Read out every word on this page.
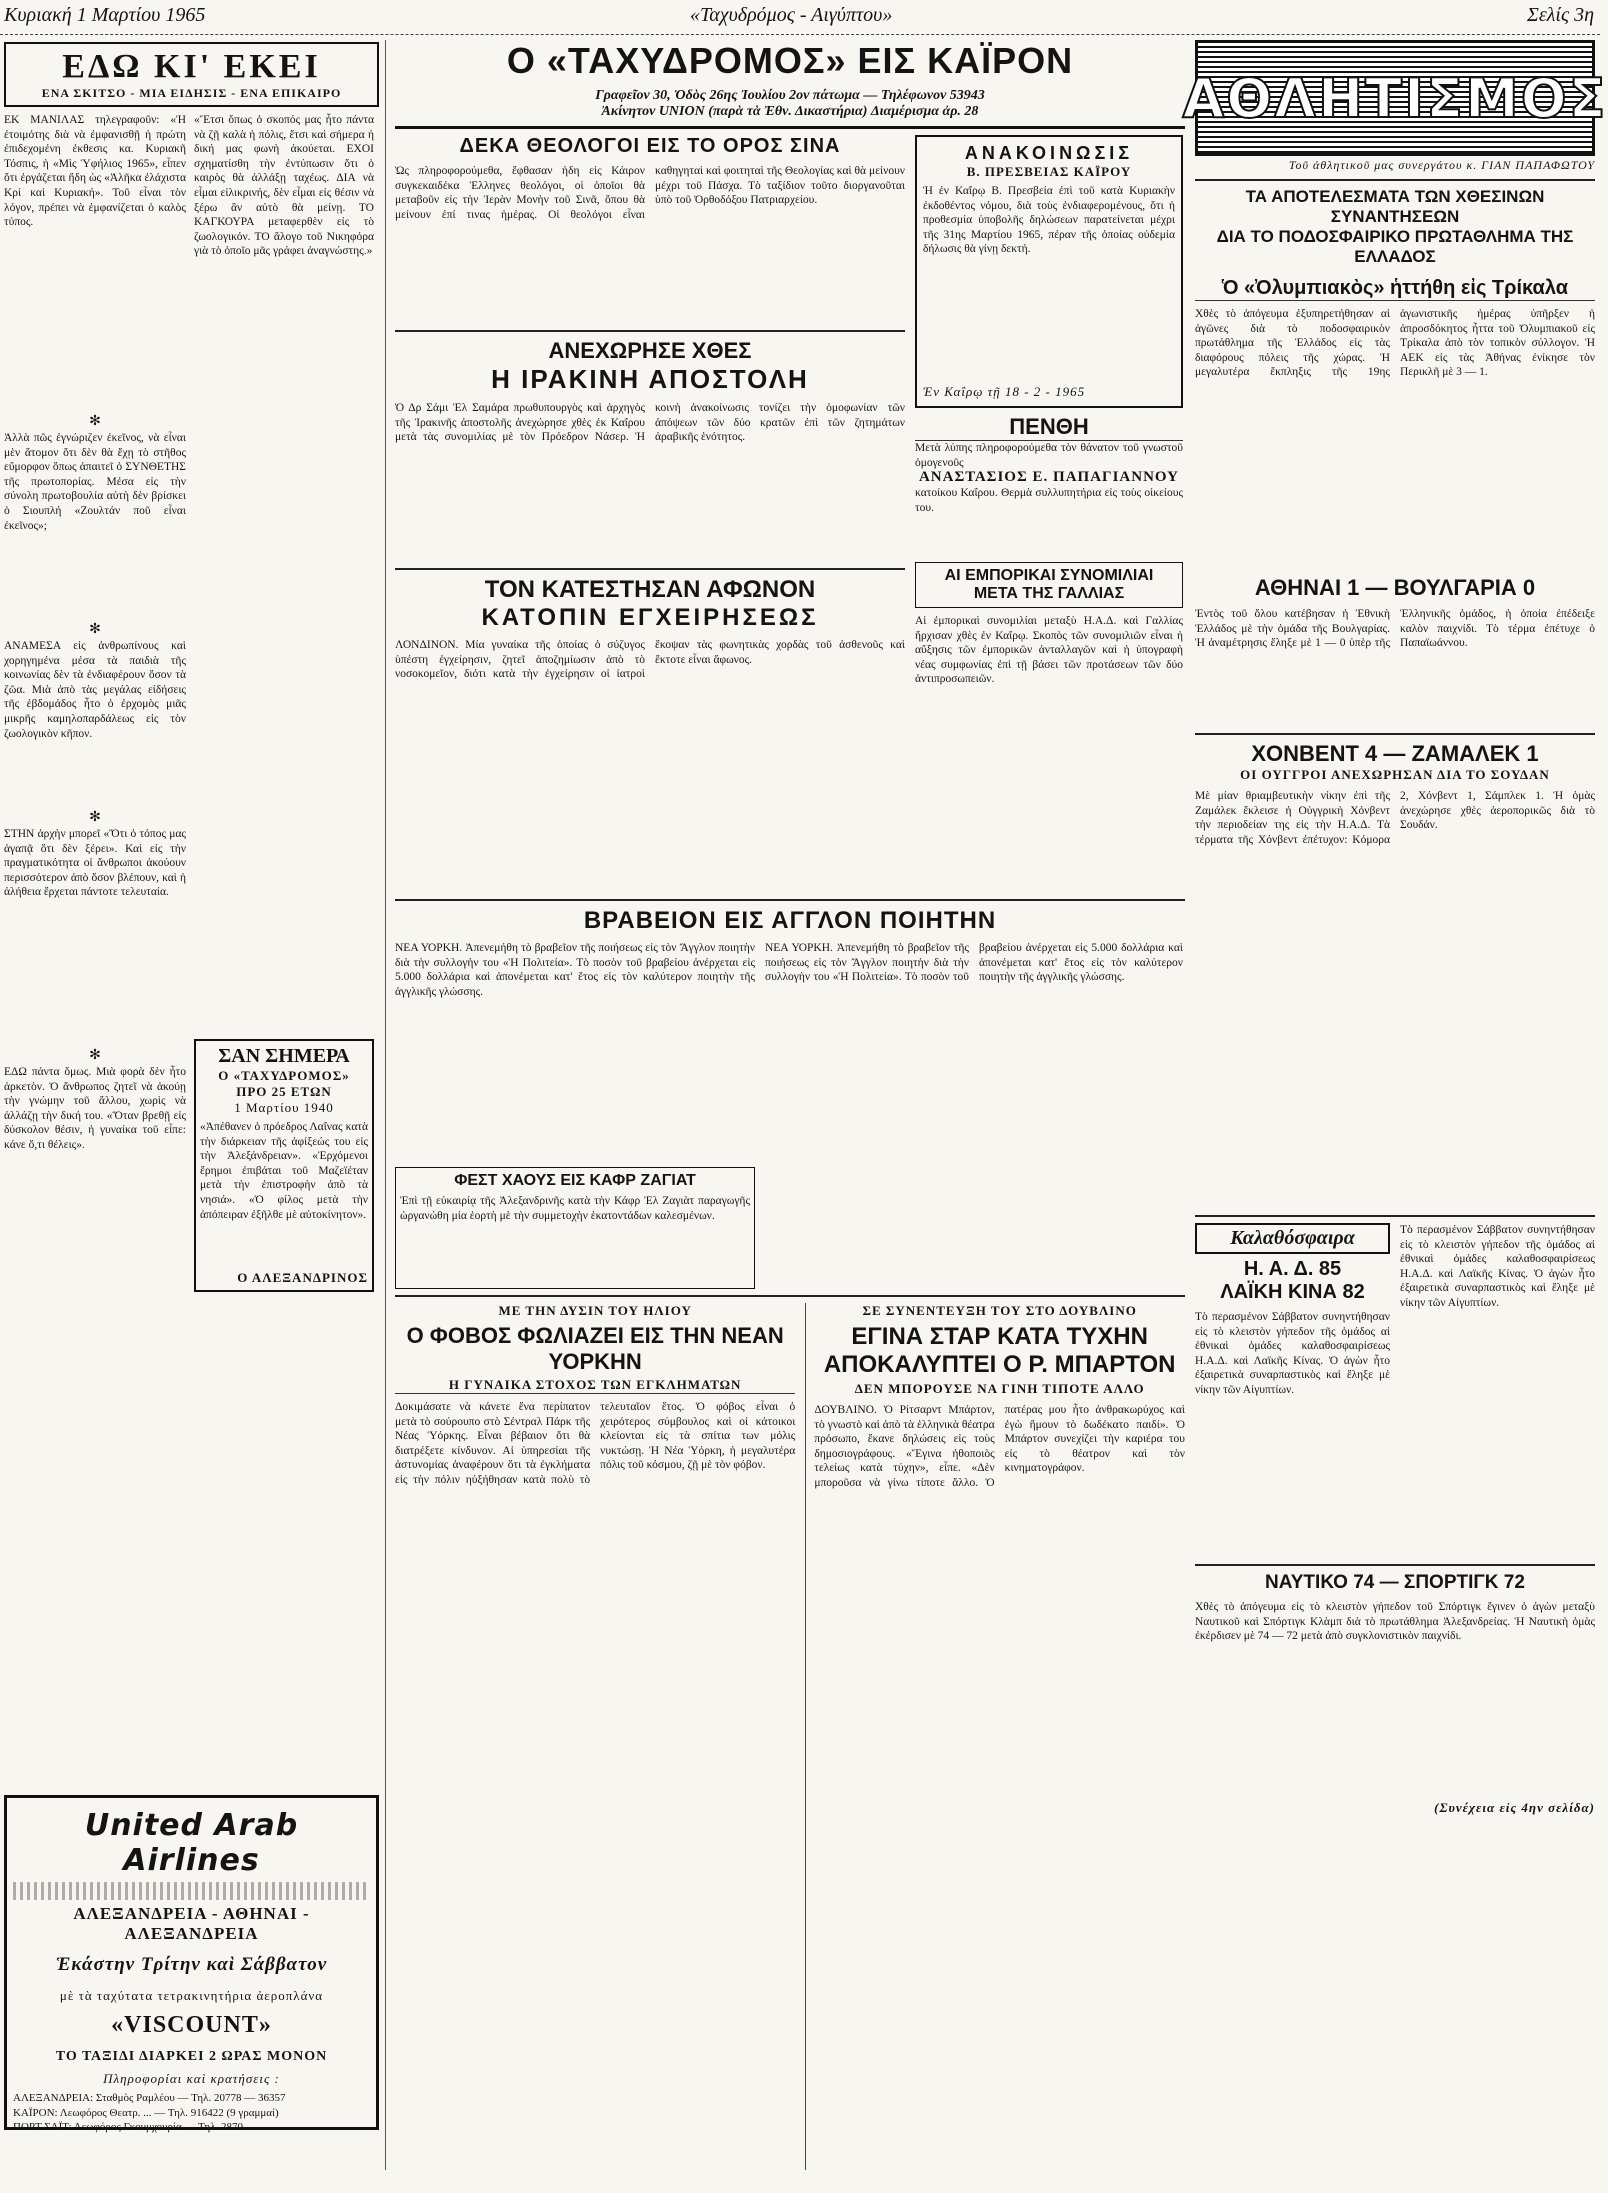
Κυριακή 1 Μαρτίου 1965	«Ταχυδρόμος - Αιγύπτου»	Σελίς 3η
ΕΔΩ ΚΙ' ΕΚΕΙ
ΕΝΑ ΣΚΙΤΣΟ - ΜΙΑ ΕΙΔΗΣΙΣ - ΕΝΑ ΕΠΙΚΑΙΡΟ

ΕΚ ΜΑΝΙΛΑΣ τηλεγραφοῦν: «Ἡ ἐτοιμότης διὰ νὰ ἐμφανισθῇ ἡ πρώτη ἐπιδεχομένη ἐκθεσις κα. Κυριακῆ Τόσπις, ἡ «Μὶς Ὑφήλιος 1965», εἶπεν ὅτι ἐργάζεται ἤδη ὡς «Ἀλῆκα ἐλάχιστα Κρί καὶ Κυριακή». Τοῦ εἶναι τὸν λόγον, πρέπει νὰ ἐμφανίζεται ὁ καλὸς τύπος.

✻

Ἀλλὰ πῶς ἐγνώριζεν ἐκεῖνος, νὰ εἶναι μὲν ἄτομον ὅτι δὲν θὰ ἔχῃ τὸ στῆθος εὔμορφον ὅπως ἀπαιτεῖ ὁ ΣΥΝΘΕΤΗΣ τῆς πρωτοπορίας. Μέσα εἰς τὴν σύνολη πρωτοβουλία αὐτὴ δὲν βρίσκει ὁ Σιουπλή «Ζουλτάν ποῦ εἶναι ἐκεῖνος»;

✻

ΑΝΑΜΕΣΑ εἰς ἀνθρωπίνους καὶ χορηγημένα μέσα τὰ παιδιὰ τῆς κοινωνίας δὲν τὰ ἐνδιαφέρουν ὅσον τὰ ζῶα. Μιὰ ἀπὸ τὰς μεγάλας εἰδήσεις τῆς ἑβδομάδος ἦτο ὁ ἐρχομὸς μιᾶς μικρῆς καμηλοπαρδάλεως εἰς τὸν ζωολογικὸν κῆπον.

✻

ΣΤΗΝ ἀρχὴν μπορεῖ «Ὅτι ὁ τόπος μας ἀγαπᾷ ὅτι δὲν ξέρει». Καὶ εἰς τὴν πραγματικότητα οἱ ἄνθρωποι ἀκούουν περισσότερον ἀπὸ ὅσον βλέπουν, καὶ ἡ ἀλήθεια ἔρχεται πάντοτε τελευταία.

✻

ΕΔΩ πάντα ὅμως. Μιὰ φορὰ δὲν ἦτο ἀρκετὸν. Ὁ ἄνθρωπος ζητεῖ νὰ ἀκούῃ τὴν γνώμην τοῦ ἄλλου, χωρὶς νὰ ἀλλάζῃ τὴν δική του. «Ὅταν βρεθῇ εἰς δύσκολον θέσιν, ἡ γυναίκα τοῦ εἶπε: κάνε ὅ,τι θέλεις».

«Ἕτσι ὅπως ὁ σκοπός μας ἦτο πάντα νὰ ζῇ καλὰ ἡ πόλις, ἔτσι καὶ σήμερα ἡ δική μας φωνὴ ἀκούεται. ΕΧΟΙ σχηματίσθη τὴν ἐντύπωσιν ὅτι ὁ καιρὸς θὰ ἀλλάξῃ ταχέως. ΔΙΑ νὰ εἶμαι εἰλικρινής, δὲν εἶμαι εἰς θέσιν νὰ ξέρω ἂν αὐτὸ θὰ μείνῃ. ΤΟ ΚΑΓΚΟΥΡΑ μεταφερθὲν εἰς τὸ ζωολογικόν. ΤΟ ἄλογο τοῦ Νικηφόρα γιὰ τὸ ὁποῖο μᾶς γράφει ἀναγνώστης.»

ΣΑΝ ΣΗΜΕΡΑ
Ο «ΤΑΧΥΔΡΟΜΟΣ»
ΠΡΟ 25 ΕΤΩΝ
1 Μαρτίου 1940

«Ἀπέθανεν ὁ πρόεδρος Λαΐνας κατὰ τὴν διάρκειαν τῆς ἀφίξεώς του εἰς τὴν Ἀλεξάνδρειαν». «Ἐρχόμενοι ἔρημοι ἐπιβάται τοῦ Μαζεϊέταν μετὰ τὴν ἐπιστροφὴν ἀπὸ τὰ νησιά». «Ὁ φίλος μετὰ τὴν ἀπόπειραν ἐξῆλθε μὲ αὐτοκίνητον».

Ο ΑΛΕΞΑΝΔΡΙΝΟΣ
United Arab Airlines
ΑΛΕΞΑΝΔΡΕΙΑ - ΑΘΗΝΑΙ - ΑΛΕΞΑΝΔΡΕΙΑ
Ἑκάστην Τρίτην καὶ Σάββατον
μὲ τὰ ταχύτατα τετρακινητήρια ἀεροπλάνα
«VISCOUNT»
ΤΟ ΤΑΞΙΔΙ ΔΙΑΡΚΕΙ 2 ΩΡΑΣ ΜΟΝΟΝ
Πληροφορίαι καὶ κρατήσεις :
ΑΛΕΞΑΝΔΡΕΙΑ: Σταθμὸς Ραμλέου — Τηλ. 20778 — 36357
ΚΑΪΡΟΝ: Λεωφόρος Θεατρ. ... — Τηλ. 916422 (9 γραμμαί)
ΠΟΡΤ ΣΑΪΤ: Λεωφόρος Γκουμχουρία — Τηλ. 2870
Ο «ΤΑΧΥΔΡΟΜΟΣ» ΕΙΣ ΚΑΪΡΟΝ
Γραφεῖον 30, Ὁδὸς 26ης Ἰουλίου 2ον πάτωμα — Τηλέφωνον 53943
Ἀκίνητον UNION (παρὰ τὰ Ἐθν. Δικαστήρια) Διαμέρισμα ἀρ. 28
ΔΕΚΑ ΘΕΟΛΟΓΟΙ ΕΙΣ ΤΟ ΟΡΟΣ ΣΙΝΑ

Ὡς πληροφορούμεθα, ἔφθασαν ἡδη εἰς Κάιρον συγκεκαιδέκα Ἑλληνες θεολόγοι, οἱ ὁποῖοι θὰ μεταβοῦν εἰς τὴν Ἱερὰν Μονὴν τοῦ Σινᾶ, ὅπου θὰ μείνουν ἐπί τινας ἡμέρας. Οἱ θεολόγοι εἶναι καθηγηταὶ καὶ φοιτηταὶ τῆς Θεολογίας καὶ θὰ μείνουν μέχρι τοῦ Πάσχα. Τὸ ταξίδιον τοῦτο διοργανοῦται ὑπὸ τοῦ Ὀρθοδόξου Πατριαρχείου.

ΑΝΕΧΩΡΗΣΕ ΧΘΕΣ
Η ΙΡΑΚΙΝΗ ΑΠΟΣΤΟΛΗ

Ὁ Δρ Σάμι Ἐλ Σαμάρα πρωθυπουργὸς καὶ ἀρχηγὸς τῆς Ἰρακινῆς ἀποστολῆς ἀνεχώρησε χθὲς ἐκ Καΐρου μετὰ τὰς συνομιλίας μὲ τὸν Πρόεδρον Νάσερ. Ἡ κοινὴ ἀνακοίνωσις τονίζει τὴν ὁμοφωνίαν τῶν ἀπόψεων τῶν δύο κρατῶν ἐπὶ τῶν ζητημάτων ἀραβικῆς ἑνότητος.

ΑΝΑΚΟΙΝΩΣΙΣ
Β. ΠΡΕΣΒΕΙΑΣ ΚΑΪΡΟΥ

Ἡ ἐν Καΐρῳ Β. Πρεσβεία ἐπὶ τοῦ κατὰ Κυριακὴν ἐκδοθέντος νόμου, διὰ τοὺς ἐνδιαφερομένους, ὅτι ἡ προθεσμία ὑποβολῆς δηλώσεων παρατείνεται μέχρι τῆς 31ης Μαρτίου 1965, πέραν τῆς ὁποίας οὐδεμία δήλωσις θὰ γίνῃ δεκτή.

Ἐν Καΐρῳ τῇ 18 - 2 - 1965
ΠΕΝΘΗ

Μετὰ λύπης πληροφορούμεθα τὸν θάνατον τοῦ γνωστοῦ ὁμογενοῦς

ΑΝΑΣΤΑΣΙΟΣ Ε. ΠΑΠΑΓΙΑΝΝΟΥ

κατοίκου Καΐρου. Θερμὰ συλλυπητήρια εἰς τοὺς οἰκείους του.

ΤΟΝ ΚΑΤΕΣΤΗΣΑΝ ΑΦΩΝΟΝ
ΚΑΤΟΠΙΝ ΕΓΧΕΙΡΗΣΕΩΣ

ΛΟΝΔΙΝΟΝ. Μία γυναίκα τῆς ὁποίας ὁ σύζυγος ὑπέστη ἐγχείρησιν, ζητεῖ ἀποζημίωσιν ἀπὸ τὸ νοσοκομεῖον, διότι κατὰ τὴν ἐγχείρησιν οἱ ἰατροὶ ἔκοψαν τὰς φωνητικὰς χορδὰς τοῦ ἀσθενοῦς καὶ ἔκτοτε εἶναι ἄφωνος.

ΑΙ ΕΜΠΟΡΙΚΑΙ ΣΥΝΟΜΙΛΙΑΙ
ΜΕΤΑ ΤΗΣ ΓΑΛΛΙΑΣ

Αἱ ἐμπορικαὶ συνομιλίαι μεταξὺ Η.Α.Δ. καὶ Γαλλίας ἤρχισαν χθὲς ἐν Καΐρῳ. Σκοπὸς τῶν συνομιλιῶν εἶναι ἡ αὔξησις τῶν ἐμπορικῶν ἀνταλλαγῶν καὶ ἡ ὑπογραφὴ νέας συμφωνίας ἐπὶ τῇ βάσει τῶν προτάσεων τῶν δύο ἀντιπροσωπειῶν.

ΒΡΑΒΕΙΟΝ ΕΙΣ ΑΓΓΛΟΝ ΠΟΙΗΤΗΝ

ΝΕΑ ΥΟΡΚΗ. Ἀπενεμήθη τὸ βραβεῖον τῆς ποιήσεως εἰς τὸν Ἄγγλον ποιητὴν διὰ τὴν συλλογὴν του «Ἡ Πολιτεία». Τὸ ποσὸν τοῦ βραβείου ἀνέρχεται εἰς 5.000 δολλάρια καὶ ἀπονέμεται κατ' ἔτος εἰς τὸν καλύτερον ποιητὴν τῆς ἀγγλικῆς γλώσσης.

ΦΕΣΤ ΧΑΟΥΣ ΕΙΣ ΚΑΦΡ ΖΑΓΙΑΤ

Ἐπὶ τῇ εὐκαιρίᾳ τῆς Ἀλεξανδρινῆς κατὰ τὴν Κάφρ Ἐλ Ζαγιὰτ παραγωγῆς ὠργανώθη μία ἑορτὴ μὲ τὴν συμμετοχὴν ἑκατοντάδων καλεσμένων.

ΝΕΑ ΥΟΡΚΗ. Ἀπενεμήθη τὸ βραβεῖον τῆς ποιήσεως εἰς τὸν Ἄγγλον ποιητὴν διὰ τὴν συλλογὴν του «Ἡ Πολιτεία». Τὸ ποσὸν τοῦ βραβείου ἀνέρχεται εἰς 5.000 δολλάρια καὶ ἀπονέμεται κατ' ἔτος εἰς τὸν καλύτερον ποιητὴν τῆς ἀγγλικῆς γλώσσης.

ΜΕ ΤΗΝ ΔΥΣΙΝ ΤΟΥ ΗΛΙΟΥ
Ο ΦΟΒΟΣ ΦΩΛΙΑΖΕΙ ΕΙΣ ΤΗΝ ΝΕΑΝ ΥΟΡΚΗΝ
Η ΓΥΝΑΙΚΑ ΣΤΟΧΟΣ ΤΩΝ ΕΓΚΛΗΜΑΤΩΝ

Δοκιμάσατε νὰ κάνετε ἕνα περίπατον μετὰ τὸ σούρουπο στὸ Σέντραλ Πάρκ τῆς Νέας Ὑόρκης. Εἶναι βέβαιον ὅτι θὰ διατρέξετε κίνδυνον. Αἱ ὑπηρεσίαι τῆς ἀστυνομίας ἀναφέρουν ὅτι τὰ ἐγκλήματα εἰς τὴν πόλιν ηὐξήθησαν κατὰ πολὺ τὸ τελευταῖον ἔτος. Ὁ φόβος εἶναι ὁ χειρότερος σύμβουλος καὶ οἱ κάτοικοι κλείονται εἰς τὰ σπίτια των μόλις νυκτώσῃ. Ἡ Νέα Ὑόρκη, ἡ μεγαλυτέρα πόλις τοῦ κόσμου, ζῇ μὲ τὸν φόβον.

ΣΕ ΣΥΝΕΝΤΕΥΞΗ ΤΟΥ ΣΤΟ ΔΟΥΒΛΙΝΟ
ΕΓΙΝΑ ΣΤΑΡ ΚΑΤΑ ΤΥΧΗΝ
ΑΠΟΚΑΛΥΠΤΕΙ Ο Ρ. ΜΠΑΡΤΟΝ
ΔΕΝ ΜΠΟΡΟΥΣΕ ΝΑ ΓΙΝΗ ΤΙΠΟΤΕ ΑΛΛΟ

ΔΟΥΒΛΙΝΟ. Ὁ Ρίτσαρντ Μπάρτον, τὸ γνωστὸ καὶ ἀπὸ τὰ ἑλληνικὰ θέατρα πρόσωπο, ἔκανε δηλώσεις εἰς τοὺς δημοσιογράφους. «Ἔγινα ἠθοποιὸς τελείως κατὰ τύχην», εἶπε. «Δὲν μποροῦσα νὰ γίνω τίποτε ἄλλο. Ὁ πατέρας μου ἦτο ἀνθρακωρύχος καὶ ἐγὼ ἤμουν τὸ δωδέκατο παιδί». Ὁ Μπάρτον συνεχίζει τὴν καριέρα του εἰς τὸ θέατρον καὶ τὸν κινηματογράφον.

ΑΘΛΗΤΙΣΜΟΣ
Τοῦ ἀθλητικοῦ μας συνεργάτου κ. ΓΙΑΝ ΠΑΠΑΦΩΤΟΥ
ΤΑ ΑΠΟΤΕΛΕΣΜΑΤΑ ΤΩΝ ΧΘΕΣΙΝΩΝ ΣΥΝΑΝΤΗΣΕΩΝ
ΔΙΑ ΤΟ ΠΟΔΟΣΦΑΙΡΙΚΟ ΠΡΩΤΑΘΛΗΜΑ ΤΗΣ ΕΛΛΑΔΟΣ
Ὁ «Ὀλυμπιακὸς» ἡττήθη εἰς Τρίκαλα

Χθὲς τὸ ἀπόγευμα ἐξυπηρετήθησαν αἱ ἀγῶνες διὰ τὸ ποδοσφαιρικὸν πρωτάθλημα τῆς Ἑλλάδος εἰς τὰς διαφόρους πόλεις τῆς χώρας. Ἡ μεγαλυτέρα ἔκπληξις τῆς 19ης ἀγωνιστικῆς ἡμέρας ὑπῆρξεν ἡ ἀπροσδόκητος ἧττα τοῦ Ὀλυμπιακοῦ εἰς Τρίκαλα ἀπὸ τὸν τοπικὸν σύλλογον. Ἡ ΑΕΚ εἰς τὰς Ἀθήνας ἐνίκησε τὸν Περικλῆ μὲ 3 — 1.

ΑΘΗΝΑΙ 1 — ΒΟΥΛΓΑΡΙΑ 0

Ἐντὸς τοῦ ὅλου κατέβησαν ἡ Ἐθνικὴ Ἑλλάδος μὲ τὴν ὁμάδα τῆς Βουλγαρίας. Ἡ ἀναμέτρησις ἔληξε μὲ 1 — 0 ὑπὲρ τῆς Ἑλληνικῆς ὁμάδος, ἡ ὁποία ἐπέδειξε καλὸν παιχνίδι. Τὸ τέρμα ἐπέτυχε ὁ Παπαϊωάννου.

ΧΟΝΒΕΝΤ 4 — ΖΑΜΑΛΕΚ 1
ΟΙ ΟΥΓΓΡΟΙ ΑΝΕΧΩΡΗΣΑΝ ΔΙΑ ΤΟ ΣΟΥΔΑΝ

Μὲ μίαν θριαμβευτικὴν νίκην ἐπὶ τῆς Ζαμάλεκ ἔκλεισε ἡ Οὐγγρικὴ Χόνβεντ τὴν περιοδείαν της εἰς τὴν Η.Α.Δ. Τὰ τέρματα τῆς Χόνβεντ ἐπέτυχον: Κόμορα 2, Χόνβεντ 1, Σάμπλεκ 1. Ἡ ὁμὰς ἀνεχώρησε χθὲς ἀεροπορικῶς διὰ τὸ Σουδάν.

Καλαθόσφαιρα
Η. Α. Δ. 85
ΛΑΪΚΗ ΚΙΝΑ 82

Τὸ περασμένον Σάββατον συνηντήθησαν εἰς τὸ κλειστὸν γήπεδον τῆς ὁμάδος αἱ ἐθνικαὶ ὁμάδες καλαθοσφαιρίσεως Η.Α.Δ. καὶ Λαϊκῆς Κίνας. Ὁ ἀγὼν ἦτο ἐξαιρετικὰ συναρπαστικὸς καὶ ἔληξε μὲ νίκην τῶν Αἰγυπτίων.

Τὸ περασμένον Σάββατον συνηντήθησαν εἰς τὸ κλειστὸν γήπεδον τῆς ὁμάδος αἱ ἐθνικαὶ ὁμάδες καλαθοσφαιρίσεως Η.Α.Δ. καὶ Λαϊκῆς Κίνας. Ὁ ἀγὼν ἦτο ἐξαιρετικὰ συναρπαστικὸς καὶ ἔληξε μὲ νίκην τῶν Αἰγυπτίων.

ΝΑΥΤΙΚΟ 74 — ΣΠΟΡΤΙΓΚ 72

Χθὲς τὸ ἀπόγευμα εἰς τὸ κλειστὸν γήπεδον τοῦ Σπόρτιγκ ἔγινεν ὁ ἀγὼν μεταξὺ Ναυτικοῦ καὶ Σπόρτιγκ Κλὰμπ διὰ τὸ πρωτάθλημα Ἀλεξανδρείας. Ἡ Ναυτικὴ ὁμὰς ἐκέρδισεν μὲ 74 — 72 μετὰ ἀπὸ συγκλονιστικὸν παιχνίδι.

(Συνέχεια εἰς 4ην σελίδα)
